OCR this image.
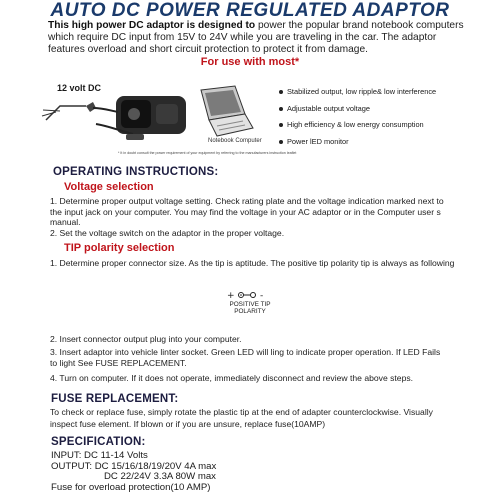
AUTO DC POWER REGULATED ADAPTOR
This high power DC adaptor is designed to power the popular brand notebook computers which require DC input from 15V to 24V while you are traveling in the car. The adaptor features overload and short circuit protection to protect it from damage.
For use with most*
12 volt DC
Notebook Computer
Stabilized output, low ripple& low interference
Adjustable output voltage
High efficiency & low energy consumption
Power lED monitor
* It in doubt consult the power requirement of your equipment by referring to the manufacturers instruction leaflet
OPERATING INSTRUCTIONS:
Voltage selection
1. Determine proper output voltage setting. Check rating plate and the voltage indication marked next to the input jack on your computer. You may find the voltage in your AC adaptor or in the Computer user s manual.
2. Set the voltage switch on the adaptor in the proper voltage.
TIP polarity selection
1. Determine proper connector size. As the tip is aptitude. The positive tip polarity tip is always as following
+	-
POSITIVE TIP
POLARITY
2. Insert connector output plug into your computer.
3. Insert adaptor into vehicle linter socket. Green LED will ling to indicate proper operation. If LED Fails to light See FUSE REPLACEMENT.
4. Turn on computer. If it does not operate, immediately disconnect and review the above steps.
FUSE REPLACEMENT:
To check or replace fuse, simply rotate the plastic tip at the end of adapter counterclockwise. Visually inspect fuse element. If blown or if you are unsure, replace fuse(10AMP)
SPECIFICATION:
INPUT: DC 11-14 Volts
OUTPUT: DC 15/16/18/19/20V 4A max
DC 22/24V 3.3A 80W max
Fuse for overload protection(10 AMP)
